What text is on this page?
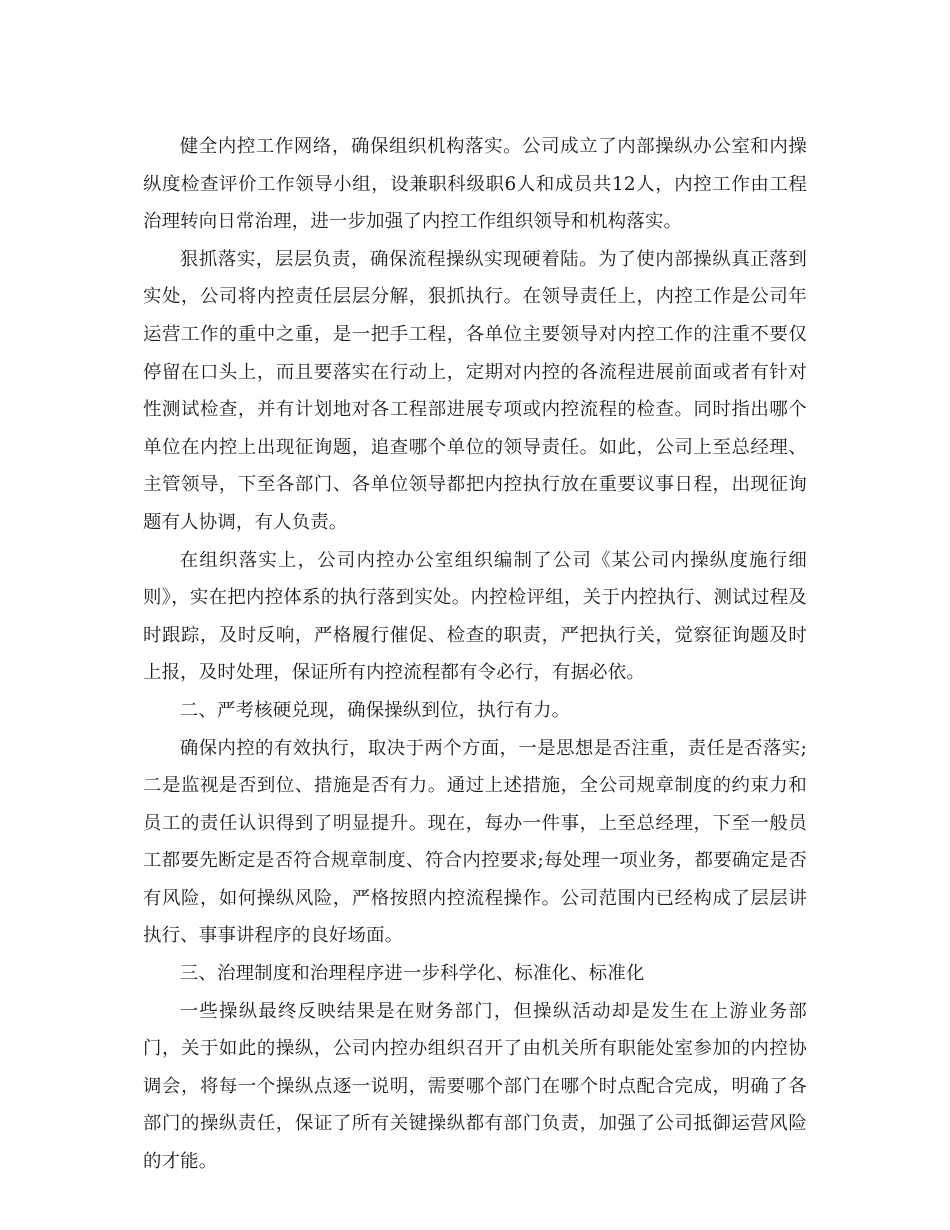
健全内控工作网络，确保组织机构落实。公司成立了内部操纵办公室和内操纵度检查评价工作领导小组，设兼职科级职6人和成员共12人，内控工作由工程治理转向日常治理，进一步加强了内控工作组织领导和机构落实。

狠抓落实，层层负责，确保流程操纵实现硬着陆。为了使内部操纵真正落到实处，公司将内控责任层层分解，狠抓执行。在领导责任上，内控工作是公司年运营工作的重中之重，是一把手工程，各单位主要领导对内控工作的注重不要仅停留在口头上，而且要落实在行动上，定期对内控的各流程进展前面或者有针对性测试检查，并有计划地对各工程部进展专项或内控流程的检查。同时指出哪个单位在内控上出现征询题，追查哪个单位的领导责任。如此，公司上至总经理、主管领导，下至各部门、各单位领导都把内控执行放在重要议事日程，出现征询题有人协调，有人负责。

在组织落实上，公司内控办公室组织编制了公司《某公司内操纵度施行细则》，实在把内控体系的执行落到实处。内控检评组，关于内控执行、测试过程及时跟踪，及时反响，严格履行催促、检查的职责，严把执行关，觉察征询题及时上报，及时处理，保证所有内控流程都有令必行，有据必依。

二、严考核硬兑现，确保操纵到位，执行有力。

确保内控的有效执行，取决于两个方面，一是思想是否注重，责任是否落实;二是监视是否到位、措施是否有力。通过上述措施，全公司规章制度的约束力和员工的责任认识得到了明显提升。现在，每办一件事，上至总经理，下至一般员工都要先断定是否符合规章制度、符合内控要求;每处理一项业务，都要确定是否有风险，如何操纵风险，严格按照内控流程操作。公司范围内已经构成了层层讲执行、事事讲程序的良好场面。

三、治理制度和治理程序进一步科学化、标准化、标准化

一些操纵最终反映结果是在财务部门，但操纵活动却是发生在上游业务部门，关于如此的操纵，公司内控办组织召开了由机关所有职能处室参加的内控协调会，将每一个操纵点逐一说明，需要哪个部门在哪个时点配合完成，明确了各部门的操纵责任，保证了所有关键操纵都有部门负责，加强了公司抵御运营风险的才能。
